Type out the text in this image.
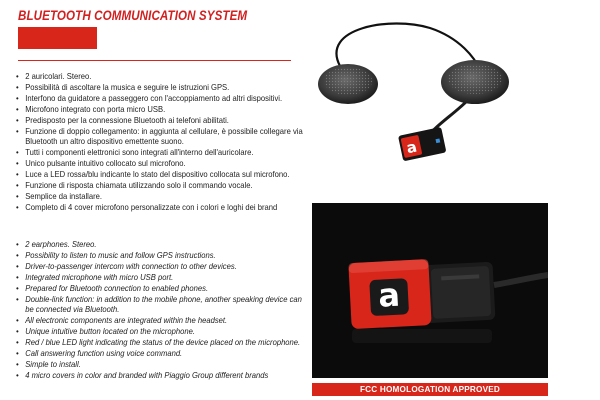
BLUETOOTH COMMUNICATION SYSTEM
• 2 auricolari. Stereo.
• Possibilità di ascoltare la musica e seguire le istruzioni GPS.
• Interfono da guidatore a passeggero con l'accoppiamento ad altri dispositivi.
• Microfono integrato con porta micro USB.
• Predisposto per la connessione Bluetooth ai telefoni abilitati.
• Funzione di doppio collegamento: in aggiunta al cellulare, è possibile collegare via Bluetooth un altro dispositivo emettente suono.
• Tutti i componenti elettronici sono integrati all'interno dell'auricolare.
• Unico pulsante intuitivo collocato sul microfono.
• Luce a LED rossa/blu indicante lo stato del dispositivo collocata sul microfono.
• Funzione di risposta chiamata utilizzando solo il commando vocale.
• Semplice da installare.
• Completo di 4 cover microfono personalizzate con i colori e loghi dei brand
• 2 earphones. Stereo.
• Possibility to listen to music and follow GPS instructions.
• Driver-to-passenger intercom with connection to other devices.
• Integrated microphone with micro USB port.
• Prepared for Bluetooth connection to enabled phones.
• Double-link function: in addition to the mobile phone, another speaking device can be connected via Bluetooth.
• All electronic components are integrated within the headset.
• Unique intuitive button located on the microphone.
• Red / blue LED light indicating the status of the device placed on the microphone.
• Call answering function using voice command.
• Simple to install.
• 4 micro covers in color and branded with Piaggio Group different brands
a
a
FCC HOMOLOGATION APPROVED
